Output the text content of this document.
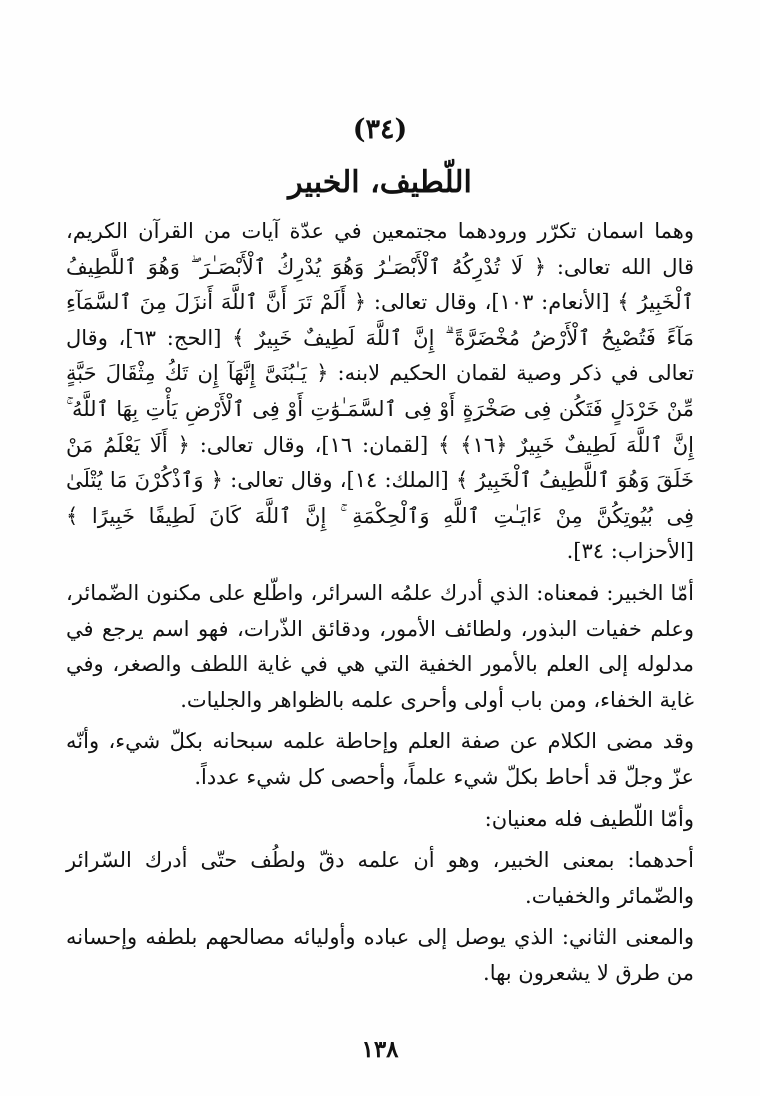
(٣٤)
اللّطيف، الخبير

وهما اسمان تكرّر ورودهما مجتمعين في عدّة آيات من القرآن الكريم، قال الله تعالى: ﴿ لَا تُدْرِكُهُ ٱلْأَبْصَـٰرُ وَهُوَ يُدْرِكُ ٱلْأَبْصَـٰرَ ۖ وَهُوَ ٱللَّطِيفُ ٱلْخَبِيرُ ﴾ [الأنعام: ١٠٣]، وقال تعالى: ﴿ أَلَمْ تَرَ أَنَّ ٱللَّهَ أَنزَلَ مِنَ ٱلسَّمَآءِ مَآءً فَتُصْبِحُ ٱلْأَرْضُ مُخْضَرَّةً ۗ إِنَّ ٱللَّهَ لَطِيفٌ خَبِيرٌ ﴾ [الحج: ٦٣]، وقال تعالى في ذكر وصية لقمان الحكيم لابنه: ﴿ يَـٰبُنَىَّ إِنَّهَآ إِن تَكُ مِثْقَالَ حَبَّةٍ مِّنْ خَرْدَلٍ فَتَكُن فِى صَخْرَةٍ أَوْ فِى ٱلسَّمَـٰوَٰتِ أَوْ فِى ٱلْأَرْضِ يَأْتِ بِهَا ٱللَّهُ ۚ إِنَّ ٱللَّهَ لَطِيفٌ خَبِيرٌ ﴿١٦﴾ ﴾ [لقمان: ١٦]، وقال تعالى: ﴿ أَلَا يَعْلَمُ مَنْ خَلَقَ وَهُوَ ٱللَّطِيفُ ٱلْخَبِيرُ ﴾ [الملك: ١٤]، وقال تعالى: ﴿ وَٱذْكُرْنَ مَا يُتْلَىٰ فِى بُيُوتِكُنَّ مِنْ ءَايَـٰتِ ٱللَّهِ وَٱلْحِكْمَةِ ۚ إِنَّ ٱللَّهَ كَانَ لَطِيفًا خَبِيرًا ﴾ [الأحزاب: ٣٤].

أمّا الخبير: فمعناه: الذي أدرك علمُه السرائر، واطّلع على مكنون الضّمائر، وعلم خفيات البذور، ولطائف الأمور، ودقائق الذّرات، فهو اسم يرجع في مدلوله إلى العلم بالأمور الخفية التي هي في غاية اللطف والصغر، وفي غاية الخفاء، ومن باب أولى وأحرى علمه بالظواهر والجليات.

وقد مضى الكلام عن صفة العلم وإحاطة علمه سبحانه بكلّ شيء، وأنّه عزّ وجلّ قد أحاط بكلّ شيء علماً، وأحصى كل شيء عدداً.

وأمّا اللّطيف فله معنيان:

أحدهما: بمعنى الخبير، وهو أن علمه دقّ ولطُف حتّى أدرك السّرائر والضّمائر والخفيات.

والمعنى الثاني: الذي يوصل إلى عباده وأوليائه مصالحهم بلطفه وإحسانه من طرق لا يشعرون بها.

١٣٨
